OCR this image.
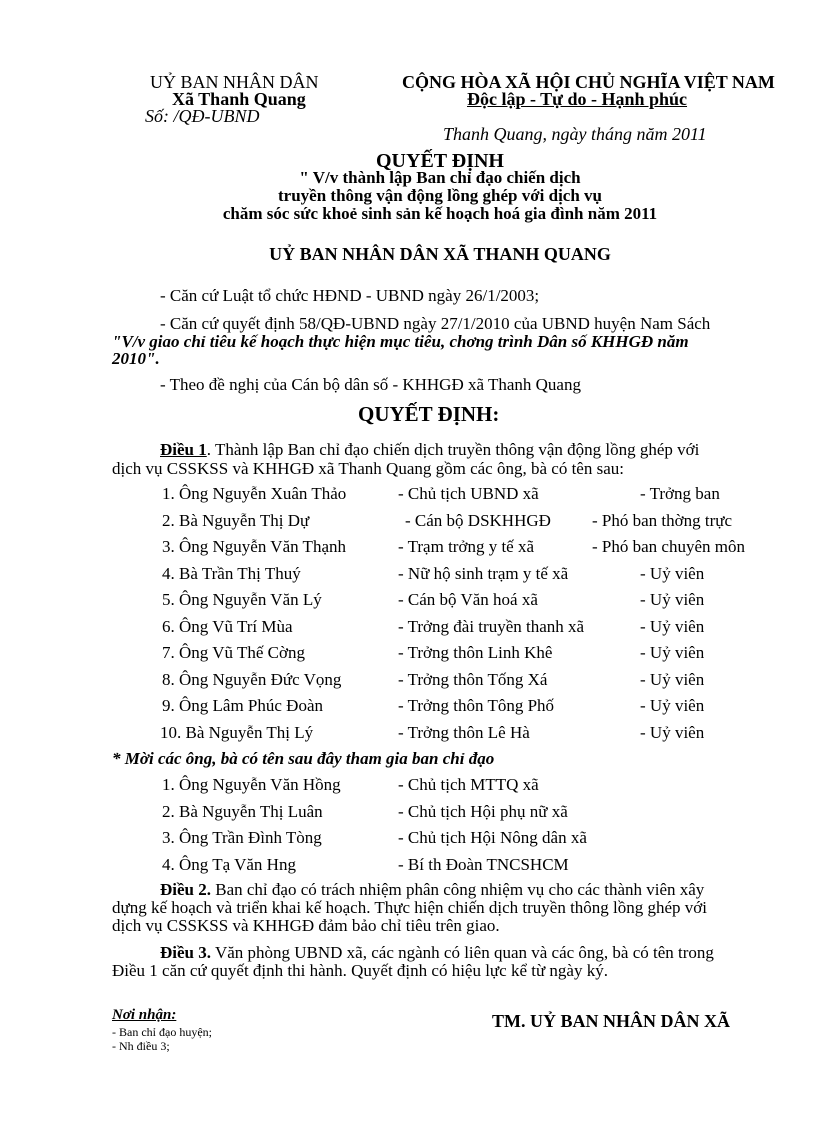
UỶ BAN NHÂN DÂN
Xã Thanh Quang
Số: /QĐ-UBND
CỘNG HÒA XÃ HỘI CHỦ NGHĨA VIỆT NAM
Độc lập - Tự do - Hạnh phúc
Thanh Quang, ngày tháng năm 2011
QUYẾT ĐỊNH
" V/v thành lập Ban chỉ đạo chiến dịch
truyền thông vận động lồng ghép với dịch vụ
chăm sóc sức khoẻ sinh sản kế hoạch hoá gia đình năm 2011
UỶ BAN NHÂN DÂN XÃ THANH QUANG
- Căn cứ Luật tổ chức HĐND - UBND ngày 26/1/2003;
- Căn cứ quyết định 58/QĐ-UBND ngày 27/1/2010 của UBND huyện Nam Sách
"V/v giao chỉ tiêu kế hoạch thực hiện mục tiêu, chơng trình Dân số KHHGĐ năm
2010".
- Theo đề nghị của Cán bộ dân số - KHHGĐ xã Thanh Quang
QUYẾT ĐỊNH:
Điều 1. Thành lập Ban chỉ đạo chiến dịch truyền thông vận động lồng ghép với
dịch vụ CSSKSS và KHHGĐ xã Thanh Quang gồm các ông, bà có tên sau:
1. Ông Nguyễn Xuân Thảo	- Chủ tịch UBND xã	- Trởng ban
2. Bà Nguyễn Thị Dự	- Cán bộ DSKHHGĐ - Phó ban thờng trực
3. Ông Nguyễn Văn Thạnh	- Trạm trởng y tế xã	- Phó ban chuyên môn
4. Bà Trần Thị Thuý	- Nữ hộ sinh trạm y tế xã	- Uỷ viên
5. Ông Nguyễn Văn Lý	- Cán bộ Văn hoá xã	- Uỷ viên
6. Ông Vũ Trí Mùa	- Trởng đài truyền thanh xã	- Uỷ viên
7. Ông Vũ Thế Cờng	- Trởng thôn Linh Khê	- Uỷ viên
8. Ông Nguyễn Đức Vọng	- Trởng thôn Tống Xá	- Uỷ viên
9. Ông Lâm Phúc Đoàn	- Trởng thôn Tông Phố	- Uỷ viên
10. Bà Nguyễn Thị Lý	- Trởng thôn Lê Hà	- Uỷ viên
* Mời các ông, bà có tên sau đây tham gia ban chỉ đạo
1. Ông Nguyễn Văn Hồng	- Chủ tịch MTTQ xã
2. Bà Nguyễn Thị Luân	- Chủ tịch Hội phụ nữ xã
3. Ông Trần Đình Tòng	- Chủ tịch Hội Nông dân xã
4. Ông Tạ Văn Hng	- Bí th Đoàn TNCSHCM
Điều 2. Ban chỉ đạo có trách nhiệm phân công nhiệm vụ cho các thành viên xây
dựng kế hoạch và triển khai kế hoạch. Thực hiện chiến dịch truyền thông lồng ghép với
dịch vụ CSSKSS và KHHGĐ đảm bảo chỉ tiêu trên giao.
Điều 3. Văn phòng UBND xã, các ngành có liên quan và các ông, bà có tên trong
Điều 1 căn cứ quyết định thi hành. Quyết định có hiệu lực kể từ ngày ký.
Nơi nhận:
- Ban chỉ đạo huyện;
- Nh điều 3;
TM. UỶ BAN NHÂN DÂN XÃ
